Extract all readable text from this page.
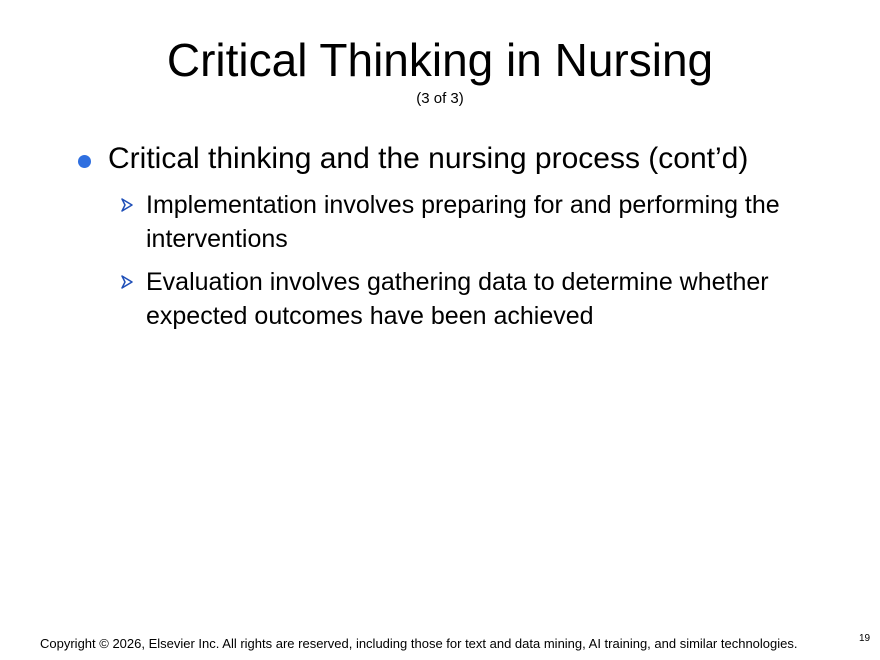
Critical Thinking in Nursing
(3 of 3)
Critical thinking and the nursing process (cont’d)
Implementation involves preparing for and performing the interventions
Evaluation involves gathering data to determine whether expected outcomes have been achieved
Copyright © 2026, Elsevier Inc. All rights are reserved, including those for text and data mining, AI training, and similar technologies.	19
